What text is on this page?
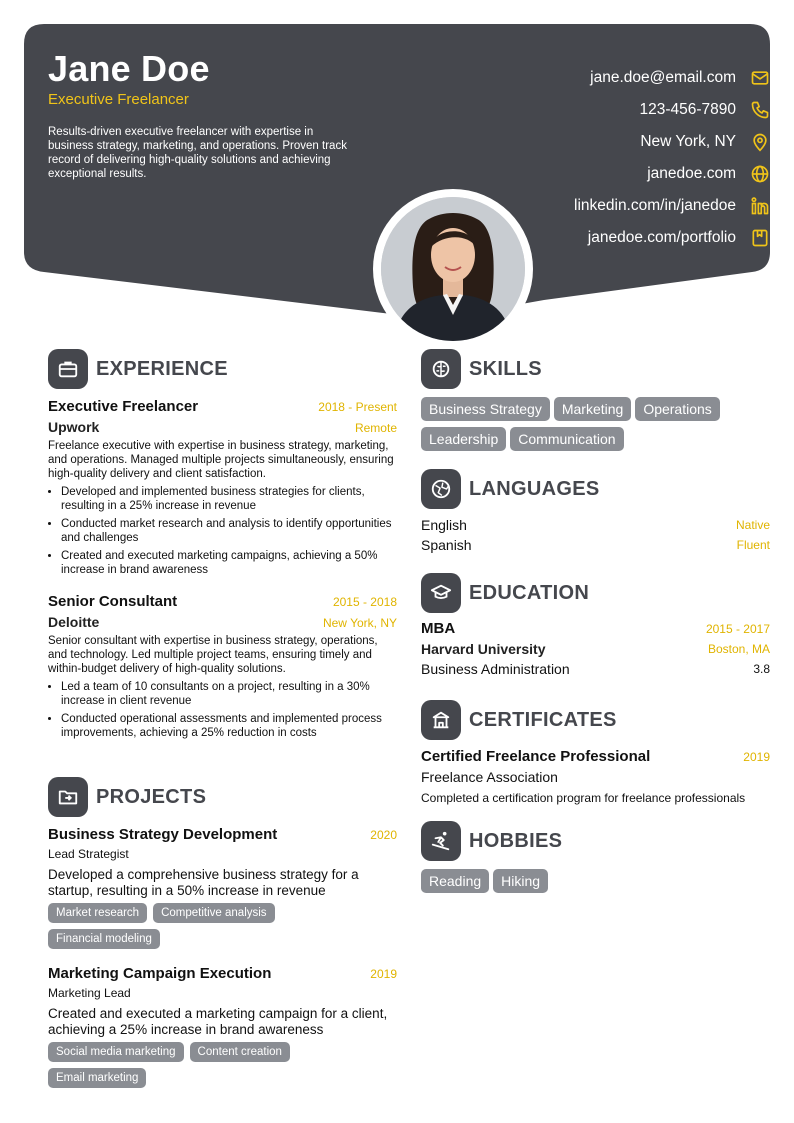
Jane Doe
Executive Freelancer
Results-driven executive freelancer with expertise in business strategy, marketing, and operations. Proven track record of delivering high-quality solutions and achieving exceptional results.
jane.doe@email.com
123-456-7890
New York, NY
janedoe.com
linkedin.com/in/janedoe
janedoe.com/portfolio
EXPERIENCE
Executive Freelancer	2018 - Present
Upwork	Remote
Freelance executive with expertise in business strategy, marketing, and operations. Managed multiple projects simultaneously, ensuring high-quality delivery and client satisfaction.
• Developed and implemented business strategies for clients, resulting in a 25% increase in revenue
• Conducted market research and analysis to identify opportunities and challenges
• Created and executed marketing campaigns, achieving a 50% increase in brand awareness
Senior Consultant	2015 - 2018
Deloitte	New York, NY
Senior consultant with expertise in business strategy, operations, and technology. Led multiple project teams, ensuring timely and within-budget delivery of high-quality solutions.
• Led a team of 10 consultants on a project, resulting in a 30% increase in client revenue
• Conducted operational assessments and implemented process improvements, achieving a 25% reduction in costs
PROJECTS
Business Strategy Development	2020
Lead Strategist
Developed a comprehensive business strategy for a startup, resulting in a 50% increase in revenue
Market research Competitive analysisFinancial modeling
Marketing Campaign Execution	2019
Marketing Lead
Created and executed a marketing campaign for a client, achieving a 25% increase in brand awareness
Social media marketing Content creationEmail marketing
SKILLS
Business Strategy Marketing Operations
Leadership Communication
LANGUAGES
English	Native
Spanish	Fluent
EDUCATION
MBA	2015 - 2017
Harvard University	Boston, MA
Business Administration	3.8
CERTIFICATES
Certified Freelance Professional	2019
Freelance Association
Completed a certification program for freelance professionals
HOBBIES
Reading Hiking
